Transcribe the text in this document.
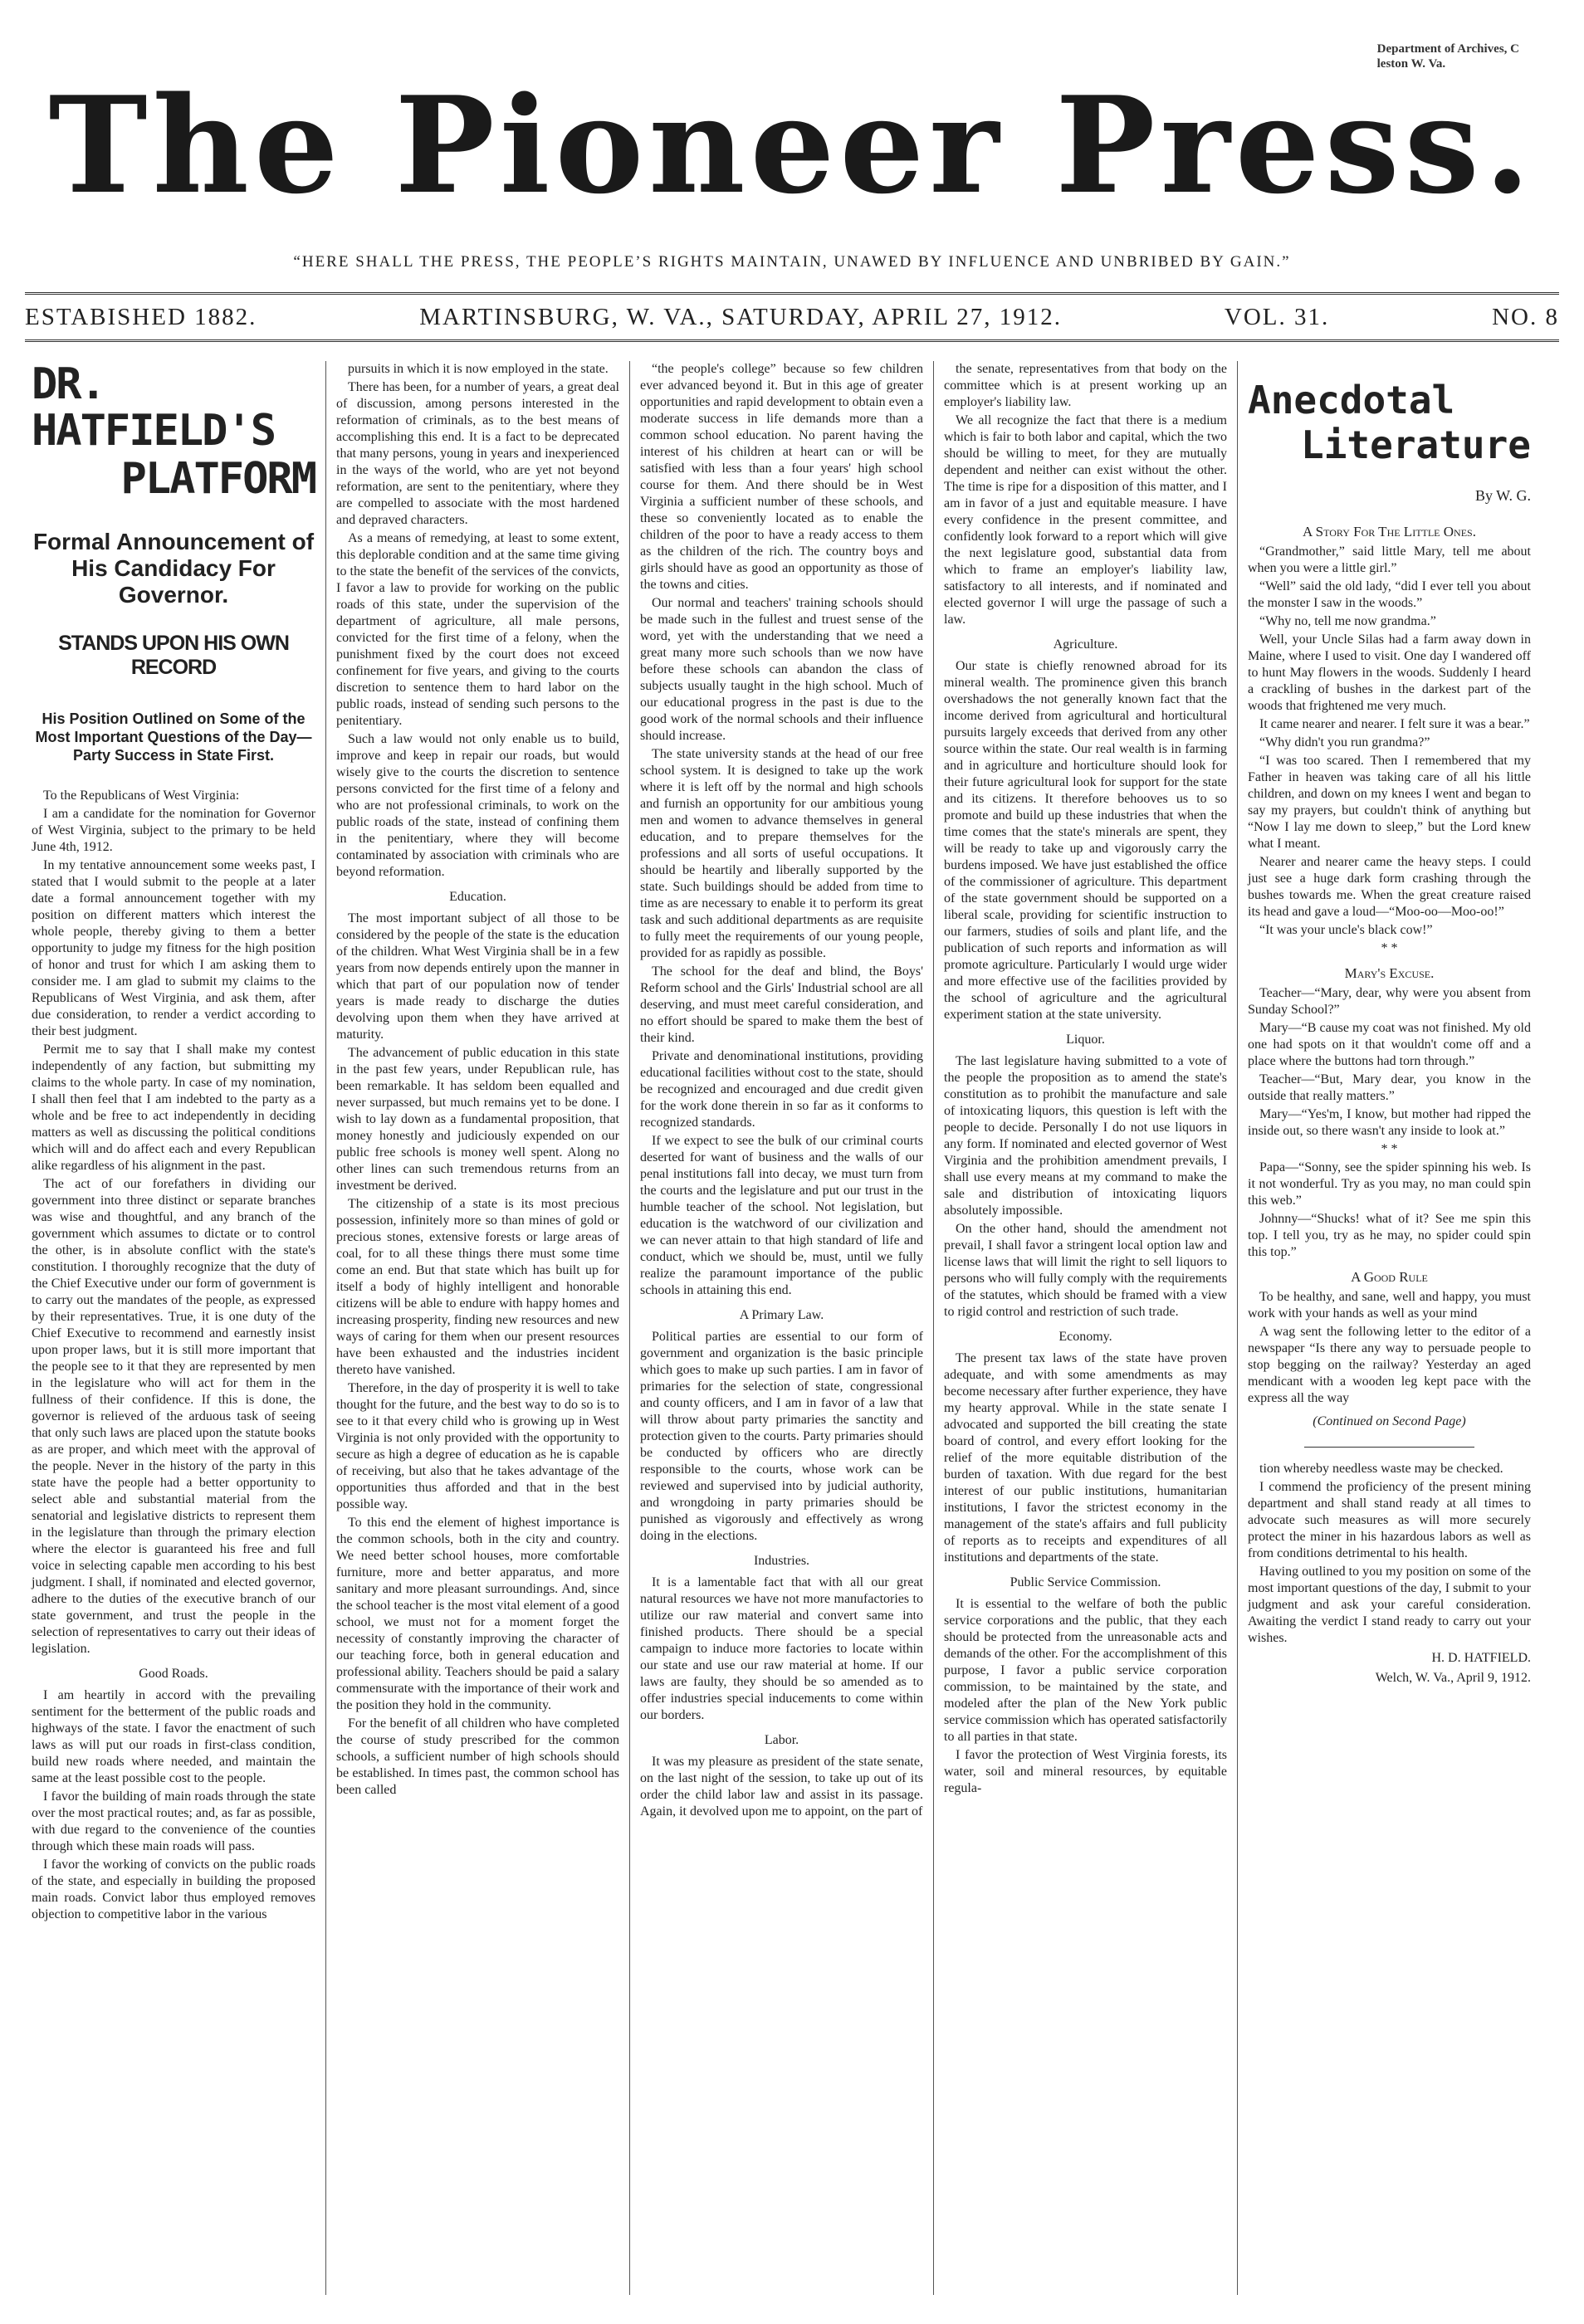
Department of Archives, C
leston W. Va.
The Pioneer Press.
“HERE SHALL THE PRESS, THE PEOPLE’S RIGHTS MAINTAIN, UNAWED BY INFLUENCE AND UNBRIBED BY GAIN.”
ESTABISHED 1882.	MARTINSBURG, W. VA., SATURDAY, APRIL 27, 1912.	VOL. 31.	NO. 8
DR. HATFIELD'S
PLATFORM
Formal Announcement of His Candidacy For Governor.
STANDS UPON HIS OWN RECORD
His Position Outlined on Some of the Most Important Questions of the Day—Party Success in State First.

To the Republicans of West Virginia:

I am a candidate for the nomination for Governor of West Virginia, subject to the primary to be held June 4th, 1912.

In my tentative announcement some weeks past, I stated that I would submit to the people at a later date a formal announcement together with my position on different matters which interest the whole people, thereby giving to them a better opportunity to judge my fitness for the high position of honor and trust for which I am asking them to consider me. I am glad to submit my claims to the Republicans of West Virginia, and ask them, after due consideration, to render a verdict according to their best judgment.

Permit me to say that I shall make my contest independently of any faction, but submitting my claims to the whole party. In case of my nomination, I shall then feel that I am indebted to the party as a whole and be free to act independently in deciding matters as well as discussing the political conditions which will and do affect each and every Republican alike regardless of his alignment in the past.

The act of our forefathers in dividing our government into three distinct or separate branches was wise and thoughtful, and any branch of the government which assumes to dictate or to control the other, is in absolute conflict with the state's constitution. I thoroughly recognize that the duty of the Chief Executive under our form of government is to carry out the mandates of the people, as expressed by their representatives. True, it is one duty of the Chief Executive to recommend and earnestly insist upon proper laws, but it is still more important that the people see to it that they are represented by men in the legislature who will act for them in the fullness of their confidence. If this is done, the governor is relieved of the arduous task of seeing that only such laws are placed upon the statute books as are proper, and which meet with the approval of the people. Never in the history of the party in this state have the people had a better opportunity to select able and substantial material from the senatorial and legislative districts to represent them in the legislature than through the primary election where the elector is guaranteed his free and full voice in selecting capable men according to his best judgment. I shall, if nominated and elected governor, adhere to the duties of the executive branch of our state government, and trust the people in the selection of representatives to carry out their ideas of legislation.

Good Roads.

I am heartily in accord with the prevailing sentiment for the betterment of the public roads and highways of the state. I favor the enactment of such laws as will put our roads in first-class condition, build new roads where needed, and maintain the same at the least possible cost to the people.

I favor the building of main roads through the state over the most practical routes; and, as far as possible, with due regard to the convenience of the counties through which these main roads will pass.

I favor the working of convicts on the public roads of the state, and especially in building the proposed main roads. Convict labor thus employed removes objection to competitive labor in the various

pursuits in which it is now employed in the state.

There has been, for a number of years, a great deal of discussion, among persons interested in the reformation of criminals, as to the best means of accomplishing this end. It is a fact to be deprecated that many persons, young in years and inexperienced in the ways of the world, who are yet not beyond reformation, are sent to the penitentiary, where they are compelled to associate with the most hardened and depraved characters.

As a means of remedying, at least to some extent, this deplorable condition and at the same time giving to the state the benefit of the services of the convicts, I favor a law to provide for working on the public roads of this state, under the supervision of the department of agriculture, all male persons, convicted for the first time of a felony, when the punishment fixed by the court does not exceed confinement for five years, and giving to the courts discretion to sentence them to hard labor on the public roads, instead of sending such persons to the penitentiary.

Such a law would not only enable us to build, improve and keep in repair our roads, but would wisely give to the courts the discretion to sentence persons convicted for the first time of a felony and who are not professional criminals, to work on the public roads of the state, instead of confining them in the penitentiary, where they will become contaminated by association with criminals who are beyond reformation.

Education.

The most important subject of all those to be considered by the people of the state is the education of the children. What West Virginia shall be in a few years from now depends entirely upon the manner in which that part of our population now of tender years is made ready to discharge the duties devolving upon them when they have arrived at maturity.

The advancement of public education in this state in the past few years, under Republican rule, has been remarkable. It has seldom been equalled and never surpassed, but much remains yet to be done. I wish to lay down as a fundamental proposition, that money honestly and judiciously expended on our public free schools is money well spent. Along no other lines can such tremendous returns from an investment be derived.

The citizenship of a state is its most precious possession, infinitely more so than mines of gold or precious stones, extensive forests or large areas of coal, for to all these things there must some time come an end. But that state which has built up for itself a body of highly intelligent and honorable citizens will be able to endure with happy homes and increasing prosperity, finding new resources and new ways of caring for them when our present resources have been exhausted and the industries incident thereto have vanished.

Therefore, in the day of prosperity it is well to take thought for the future, and the best way to do so is to see to it that every child who is growing up in West Virginia is not only provided with the opportunity to secure as high a degree of education as he is capable of receiving, but also that he takes advantage of the opportunities thus afforded and that in the best possible way.

To this end the element of highest importance is the common schools, both in the city and country. We need better school houses, more comfortable furniture, more and better apparatus, and more sanitary and more pleasant surroundings. And, since the school teacher is the most vital element of a good school, we must not for a moment forget the necessity of constantly improving the character of our teaching force, both in general education and professional ability. Teachers should be paid a salary commensurate with the importance of their work and the position they hold in the community.

For the benefit of all children who have completed the course of study prescribed for the common schools, a sufficient number of high schools should be established. In times past, the common school has been called

“the people's college” because so few children ever advanced beyond it. But in this age of greater opportunities and rapid development to obtain even a moderate success in life demands more than a common school education. No parent having the interest of his children at heart can or will be satisfied with less than a four years' high school course for them. And there should be in West Virginia a sufficient number of these schools, and these so conveniently located as to enable the children of the poor to have a ready access to them as the children of the rich. The country boys and girls should have as good an opportunity as those of the towns and cities.

Our normal and teachers' training schools should be made such in the fullest and truest sense of the word, yet with the understanding that we need a great many more such schools than we now have before these schools can abandon the class of subjects usually taught in the high school. Much of our educational progress in the past is due to the good work of the normal schools and their influence should increase.

The state university stands at the head of our free school system. It is designed to take up the work where it is left off by the normal and high schools and furnish an opportunity for our ambitious young men and women to advance themselves in general education, and to prepare themselves for the professions and all sorts of useful occupations. It should be heartily and liberally supported by the state. Such buildings should be added from time to time as are necessary to enable it to perform its great task and such additional departments as are requisite to fully meet the requirements of our young people, provided for as rapidly as possible.

The school for the deaf and blind, the Boys' Reform school and the Girls' Industrial school are all deserving, and must meet careful consideration, and no effort should be spared to make them the best of their kind.

Private and denominational institutions, providing educational facilities without cost to the state, should be recognized and encouraged and due credit given for the work done therein in so far as it conforms to recognized standards.

If we expect to see the bulk of our criminal courts deserted for want of business and the walls of our penal institutions fall into decay, we must turn from the courts and the legislature and put our trust in the humble teacher of the school. Not legislation, but education is the watchword of our civilization and we can never attain to that high standard of life and conduct, which we should be, must, until we fully realize the paramount importance of the public schools in attaining this end.

A Primary Law.

Political parties are essential to our form of government and organization is the basic principle which goes to make up such parties. I am in favor of primaries for the selection of state, congressional and county officers, and I am in favor of a law that will throw about party primaries the sanctity and protection given to the courts. Party primaries should be conducted by officers who are directly responsible to the courts, whose work can be reviewed and supervised into by judicial authority, and wrongdoing in party primaries should be punished as vigorously and effectively as wrong doing in the elections.

Industries.

It is a lamentable fact that with all our great natural resources we have not more manufactories to utilize our raw material and convert same into finished products. There should be a special campaign to induce more factories to locate within our state and use our raw material at home. If our laws are faulty, they should be so amended as to offer industries special inducements to come within our borders.

Labor.

It was my pleasure as president of the state senate, on the last night of the session, to take up out of its order the child labor law and assist in its passage. Again, it devolved upon me to appoint, on the part of

the senate, representatives from that body on the committee which is at present working up an employer's liability law.

We all recognize the fact that there is a medium which is fair to both labor and capital, which the two should be willing to meet, for they are mutually dependent and neither can exist without the other. The time is ripe for a disposition of this matter, and I am in favor of a just and equitable measure. I have every confidence in the present committee, and confidently look forward to a report which will give the next legislature good, substantial data from which to frame an employer's liability law, satisfactory to all interests, and if nominated and elected governor I will urge the passage of such a law.

Agriculture.

Our state is chiefly renowned abroad for its mineral wealth. The prominence given this branch overshadows the not generally known fact that the income derived from agricultural and horticultural pursuits largely exceeds that derived from any other source within the state. Our real wealth is in farming and in agriculture and horticulture should look for their future agricultural look for support for the state and its citizens. It therefore behooves us to so promote and build up these industries that when the time comes that the state's minerals are spent, they will be ready to take up and vigorously carry the burdens imposed. We have just established the office of the commissioner of agriculture. This department of the state government should be supported on a liberal scale, providing for scientific instruction to our farmers, studies of soils and plant life, and the publication of such reports and information as will promote agriculture. Particularly I would urge wider and more effective use of the facilities provided by the school of agriculture and the agricultural experiment station at the state university.

Liquor.

The last legislature having submitted to a vote of the people the proposition as to amend the state's constitution as to prohibit the manufacture and sale of intoxicating liquors, this question is left with the people to decide. Personally I do not use liquors in any form. If nominated and elected governor of West Virginia and the prohibition amendment prevails, I shall use every means at my command to make the sale and distribution of intoxicating liquors absolutely impossible.

On the other hand, should the amendment not prevail, I shall favor a stringent local option law and license laws that will limit the right to sell liquors to persons who will fully comply with the requirements of the statutes, which should be framed with a view to rigid control and restriction of such trade.

Economy.

The present tax laws of the state have proven adequate, and with some amendments as may become necessary after further experience, they have my hearty approval. While in the state senate I advocated and supported the bill creating the state board of control, and every effort looking for the relief of the more equitable distribution of the burden of taxation. With due regard for the best interest of our public institutions, humanitarian institutions, I favor the strictest economy in the management of the state's affairs and full publicity of reports as to receipts and expenditures of all institutions and departments of the state.

Public Service Commission.

It is essential to the welfare of both the public service corporations and the public, that they each should be protected from the unreasonable acts and demands of the other. For the accomplishment of this purpose, I favor a public service corporation commission, to be maintained by the state, and modeled after the plan of the New York public service commission which has operated satisfactorily to all parties in that state.

I favor the protection of West Virginia forests, its water, soil and mineral resources, by equitable regula-

Anecdotal
Literature
By W. G.
A Story For The Little Ones.

“Grandmother,” said little Mary, tell me about when you were a little girl.”

“Well” said the old lady, “did I ever tell you about the monster I saw in the woods.”

“Why no, tell me now grandma.”

Well, your Uncle Silas had a farm away down in Maine, where I used to visit. One day I wandered off to hunt May flowers in the woods. Suddenly I heard a crackling of bushes in the darkest part of the woods that frightened me very much.

It came nearer and nearer. I felt sure it was a bear.”

“Why didn't you run grandma?”

“I was too scared. Then I remembered that my Father in heaven was taking care of all his little children, and down on my knees I went and began to say my prayers, but couldn't think of anything but “Now I lay me down to sleep,” but the Lord knew what I meant.

Nearer and nearer came the heavy steps. I could just see a huge dark form crashing through the bushes towards me. When the great creature raised its head and gave a loud—“Moo-oo—Moo-oo!”

“It was your uncle's black cow!”

* *
Mary's Excuse.

Teacher—“Mary, dear, why were you absent from Sunday School?”

Mary—“B cause my coat was not finished. My old one had spots on it that wouldn't come off and a place where the buttons had torn through.”

Teacher—“But, Mary dear, you know in the outside that really matters.”

Mary—“Yes'm, I know, but mother had ripped the inside out, so there wasn't any inside to look at.”

* *

Papa—“Sonny, see the spider spinning his web. Is it not wonderful. Try as you may, no man could spin this web.”

Johnny—“Shucks! what of it? See me spin this top. I tell you, try as he may, no spider could spin this top.”

A Good Rule

To be healthy, and sane, well and happy, you must work with your hands as well as your mind

A wag sent the following letter to the editor of a newspaper “Is there any way to persuade people to stop begging on the railway? Yesterday an aged mendicant with a wooden leg kept pace with the express all the way

(Continued on Second Page)

tion whereby needless waste may be checked.

I commend the proficiency of the present mining department and shall stand ready at all times to advocate such measures as will more securely protect the miner in his hazardous labors as well as from conditions detrimental to his health.

Having outlined to you my position on some of the most important questions of the day, I submit to your judgment and ask your careful consideration. Awaiting the verdict I stand ready to carry out your wishes.

H. D. HATFIELD.
Welch, W. Va., April 9, 1912.
